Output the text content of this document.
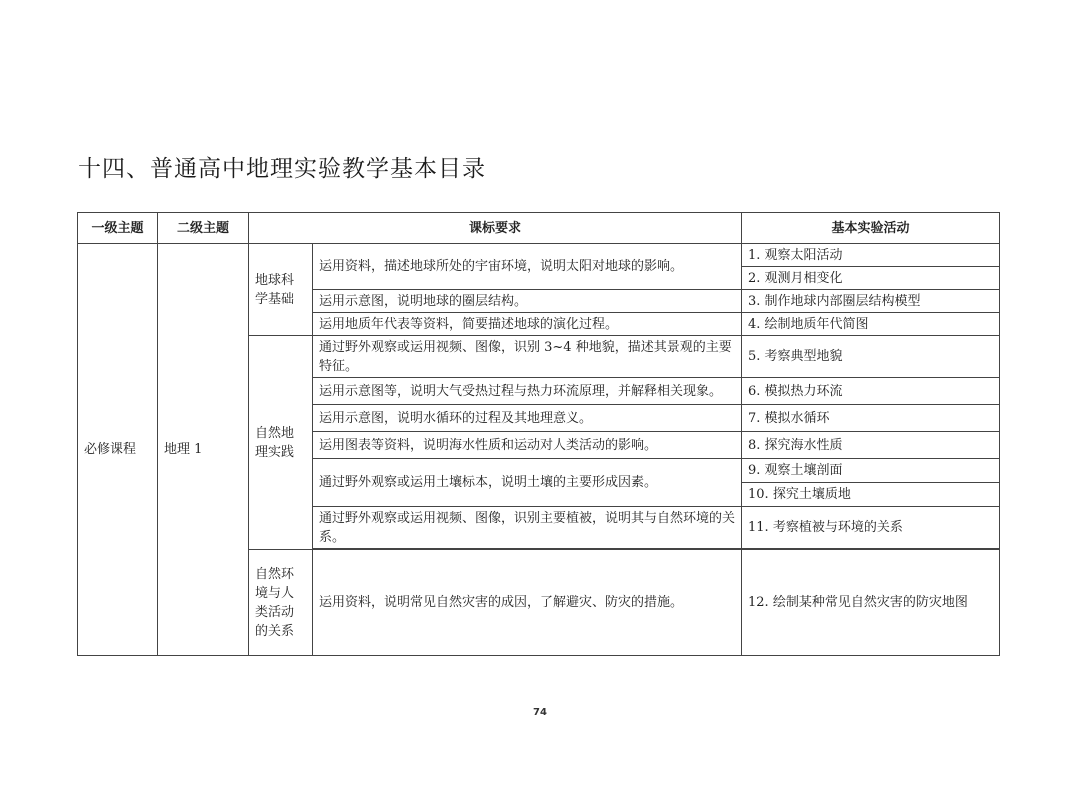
十四、普通高中地理实验教学基本目录
一级主题	二级主题	课标要求		基本实验活动
必修课程	地理 1	地球科学基础	运用资料，描述地球所处的宇宙环境，说明太阳对地球的影响。	1. 观察太阳活动
				2. 观测月相变化
			运用示意图，说明地球的圈层结构。	3. 制作地球内部圈层结构模型
			运用地质年代表等资料，简要描述地球的演化过程。	4. 绘制地质年代简图
		自然地理实践	通过野外观察或运用视频、图像，识别 3~4 种地貌，描述其景观的主要特征。	5. 考察典型地貌
			运用示意图等，说明大气受热过程与热力环流原理，并解释相关现象。	6. 模拟热力环流
			运用示意图，说明水循环的过程及其地理意义。	7. 模拟水循环
			运用图表等资料，说明海水性质和运动对人类活动的影响。	8. 探究海水性质
			通过野外观察或运用土壤标本，说明土壤的主要形成因素。	9. 观察土壤剖面
				10. 探究土壤质地
			通过野外观察或运用视频、图像，识别主要植被，说明其与自然环境的关系。	11. 考察植被与环境的关系

		自然环境与人类活动的关系	运用资料，说明常见自然灾害的成因，了解避灾、防灾的措施。	12. 绘制某种常见自然灾害的防灾地图
74
